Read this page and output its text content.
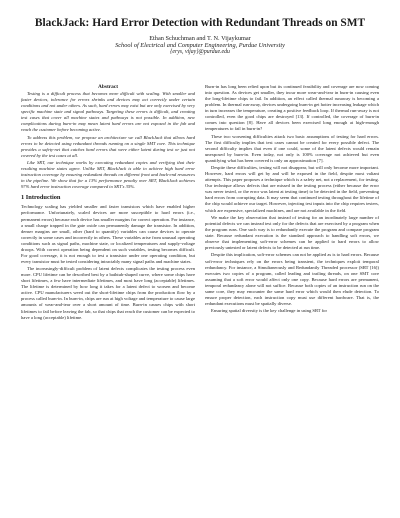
BlackJack: Hard Error Detection with Redundant Threads on SMT
Ethan Schuchman and T. N. Vijaykumar
School of Electrical and Computer Engineering, Purdue University
{erys, vijay}@purdue.edu
Abstract

Testing is a difficult process that becomes more difficult with scaling. With smaller and faster devices, tolerance for errors shrinks and devices may act correctly under certain conditions and not under others. As such, hard errors may exist but are only exercised by very specific machine state and signal pathways. Targeting these errors is difficult, and creating test cases that cover all machine states and pathways is not possible. In addition, new complications during burn-in may mean latent hard errors are not exposed in the fab and reach the customer before becoming active.

To address this problem, we propose an architecture we call BlackJack that allows hard errors to be detected using redundant threads running on a single SMT core. This technique provides a safety-net that catches hard errors that were either latent during test or just not covered by the test cases at all.

Like SRT, our technique works by executing redundant copies and verifying that their resulting machine states agree. Unlike SRT, BlackJack is able to achieve high hard error instruction coverage by ensuring redundant threads on different front and back-end resources in the pipeline. We show that for a 13% performance penalty over SRT, BlackJack achieves 97% hard error instruction coverage compared to SRT's 35%.

1 Introduction

Technology scaling has yielded smaller and faster transistors which have enabled higher performance. Unfortunately, scaled devices are more susceptible to hard errors (i.e., permanent errors) because each device has smaller margins for correct operation. For instance, a small charge trapped in the gate oxide can permanently damage the transistor. In addition, denser margins are small, other (hard to quantify) variables can cause devices to operate correctly in some cases and incorrectly in others. These variables arise from unusual operating conditions such as signal paths, machine state, or localized temperatures and supply-voltage droops. With correct operation being dependent on such variables, testing becomes difficult. For good coverage, it is not enough to test a transistor under one operating condition, but every transistor must be tested considering intractably many signal paths and machine states.

The increasingly-difficult problem of latent defects complicates the testing process even more. CPU lifetime can be described best by a bathtub-shaped curve, where some chips have short lifetimes, a few have intermediate lifetimes, and most have long (acceptable) lifetimes. The lifetime is determined by how long it takes for a latent defect to worsen and become active. CPU manufacturers weed out the short-lifetime chips from the production flow by a process called burn-in. In burn-in, chips are run at high voltage and temperature to cause large amounts of wear-and-tear over a short amount of time. Burn-in causes chips with short lifetimes to fail before leaving the fab, so that chips that reach the customer can be expected to have a long (acceptable) lifetime.

Burn-in has long been relied upon but its continued feasibility and coverage are now coming into question. As devices get smaller, they incur more wear-and-tear in burn-in causing even the long-lifetime chips to fail. In addition, an effect called thermal runaway is becoming a problem. In thermal run-away, devices undergoing burn-in get hotter increasing leakage which in turn increases the temperature, creating a positive feedback loop. If thermal run-away is not controlled, even the good chips are destroyed [13]. If controlled, the coverage of burn-in comes into question [8]. Have all devices been exercised long enough at high-enough temperatures to fail in burn-in?

These two worsening difficulties attack two basic assumptions of testing for hard errors. The first difficulty implies that test cases cannot be created for every possible defect. The second difficulty implies that even if one could, some of the latent defects would remain unexposed by burn-in. Even today, not only is 100% coverage not achieved but even quantifying what has been covered is only an approximation [7].

Despite these difficulties, testing will not disappear, but will only become more important. However, hard errors will get by and will be exposed in the field, despite most valiant attempts. This paper proposes a technique which is a safety net, not a replacement, for testing. Our technique allows defects that are missed in the testing process (either because the error was never tested, or the error was latent at testing time) to be detected in the field, preventing hard errors from corrupting data. It may seem that continued testing throughout the lifetime of the chip would achieve our target. However, injecting test inputs into the chip requires testers, which are expensive, specialized machines, and are not available in the field.

We make the key observation that instead of testing for an inordinately large number of potential defects we can instead test only for the defects that are exercised by a program when the program runs. One such way is to redundantly execute the program and compare program state. Because redundant execution is the standard approach to handling soft errors, we observe that implementing soft-error schemes can be applied to hard errors to allow previously untested or latent defects to be detected at run time.

Despite this implication, soft-error schemes can not be applied as is to hard errors. Because soft-error techniques rely on the errors being transient, the techniques exploit temporal redundancy. For instance, a Simultaneously and Redundantly Threaded processor (SRT [16]) executes two copies of a program, called leading and trailing threads, on one SMT core assuming that a soft error would affect only one copy. Because hard errors are permanent, temporal redundancy alone will not suffice. Because both copies of an instruction run on the same core, they may encounter the same hard error which would then elude detection. To ensure proper detection, each instruction copy must use different hardware. That is, the redundant executions must be spatially diverse.

Ensuring spatial diversity is the key challenge in using SRT for
